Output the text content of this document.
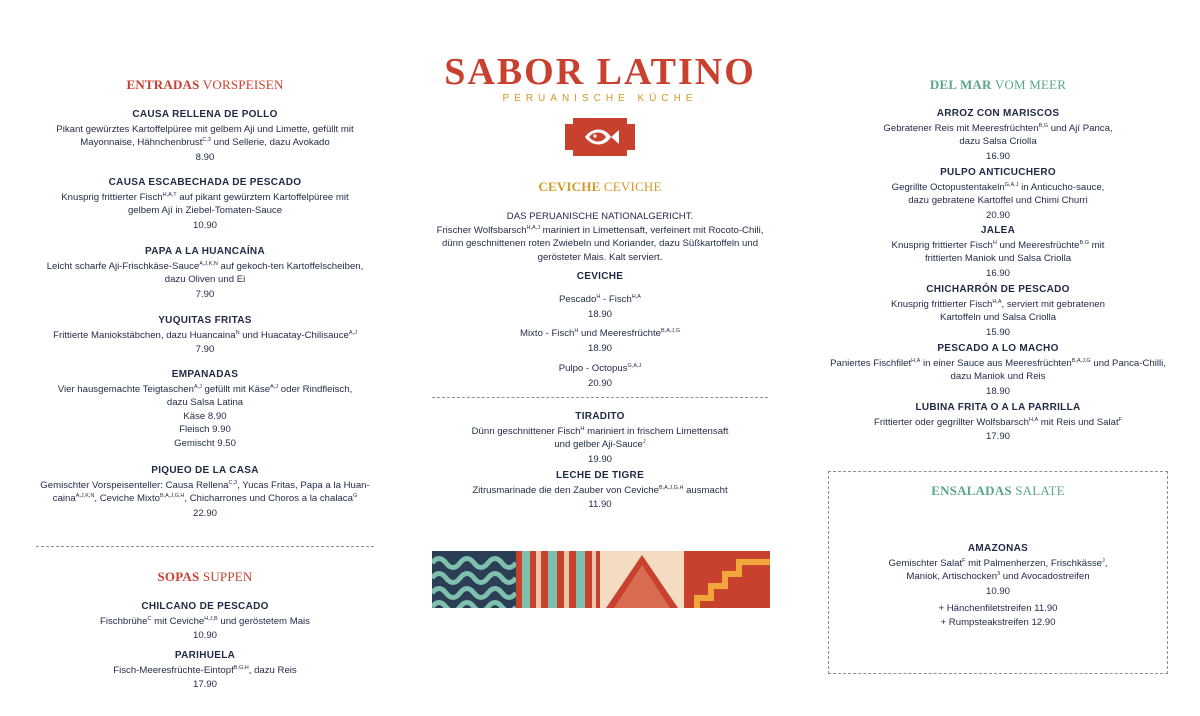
ENTRADAS VORSPEISEN
CAUSA RELLENA DE POLLO
Pikant gewürztes Kartoffelpüree mit gelbem Aji und Limette, gefüllt mit
Mayonnaise, Hähnchenbrust$^{C,3}$ und Sellerie, dazu Avokado
8.90
CAUSA ESCABECHADA DE PESCADO
Knusprig frittierter Fisch$^{H,A,T}$ auf pikant gewürztem Kartoffelpüree mit
gelbem Ají in Ziebel-Tomaten-Sauce
10.90
PAPA A LA HUANCAÍNA
Leicht scharfe Aji-Frischkäse-Sauce$^{A,J,K,N}$ auf gekoch-ten Kartoffelscheiben,
dazu Oliven und Ei
7.90
YUQUITAS FRITAS
Frittierte Maniokstäbchen, dazu Huancaina$^N$ und Huacatay-Chilisauce$^{A,J}$
7.90
EMPANADAS
Vier hausgemachte Teigtaschen$^{A,J}$ gefüllt mit Käse$^{A,J}$ oder Rindfleisch,
dazu Salsa Latina
Käse 8.90
Fleisch 9.90
Gemischt 9.50
PIQUEO DE LA CASA
Gemischter Vorspeisenteller: Causa Rellena$^{C,3}$, Yucas Fritas, Papa a la Huan-
caina$^{A,J,K,N}$, Ceviche Mixto$^{B,A,J,G,H}$, Chicharrones und Choros a la chalaca$^G$
22.90
SOPAS SUPPEN
CHILCANO DE PESCADO
Fischbrühe$^C$ mit Ceviche$^{H,J,B}$ und geröstetem Mais
10.90
PARIHUELA
Fisch-Meeresfrüchte-Eintopf$^{B,G,H}$, dazu Reis
17.90
SABOR LATINO
PERUANISCHE KÜCHE
CEVICHE CEVICHE
DAS PERUANISCHE NATIONALGERICHT.
Frischer Wolfsbarsch$^{H,A,J}$ mariniert in Limettensaft, verfeinert mit Rocoto-Chili,
dünn geschnittenen roten Zwiebeln und Koriander, dazu Süßkartoffeln und
gerösteter Mais. Kalt serviert.
CEVICHE
Pescado$^H$ - Fisch$^{H,A}$
18.90
Mixto - Fisch$^H$ und Meeresfrüchte$^{B,A,J,G}$
18.90
Pulpo - Octopus$^{G,A,J}$
20.90
TIRADITO
Dünn geschnittener Fisch$^H$ mariniert in frischem Limettensaft
und gelber Aji-Sauce$^J$
19.90
LECHE DE TIGRE
Zitrusmarinade die den Zauber von Ceviche$^{B,A,J,G,H}$ ausmacht
11.90
DEL MAR VOM MEER
ARROZ CON MARISCOS
Gebratener Reis mit Meeresfrüchten$^{B,G}$ und Ají Panca,
dazu Salsa Criolla
16.90
PULPO ANTICUCHERO
Gegrillte Octopustentakeln$^{G,A,J}$ in Anticucho-sauce,
dazu gebratene Kartoffel und Chimi Churri
20.90
JALEA
Knusprig frittierter Fisch$^H$ und Meeresfrüchte$^{B,G}$ mit
frittierten Maniok und Salsa Criolla
16.90
CHICHARRÓN DE PESCADO
Knusprig frittierter Fisch$^{H,A}$, serviert mit gebratenen
Kartoffeln und Salsa Criolla
15.90
PESCADO A LO MACHO
Paniertes Fischfilet$^{H,A}$ in einer Sauce aus Meeresfrüchten$^{B,A,J,G}$ und Panca-Chilli,
dazu Maniok und Reis
18.90
LUBINA FRITA O A LA PARRILLA
Frittierter oder gegrillter Wolfsbarsch$^{H,A}$ mit Reis und Salat$^F$
17.90
ENSALADAS SALATE
AMAZONAS
Gemischter Salat$^F$ mit Palmenherzen, Frischkässe$^J$,
Maniok, Artischocken$^3$ und Avocadostreifen
10.90
+ Hänchenfiletstreifen 11.90
+ Rumpsteakstreifen 12.90
